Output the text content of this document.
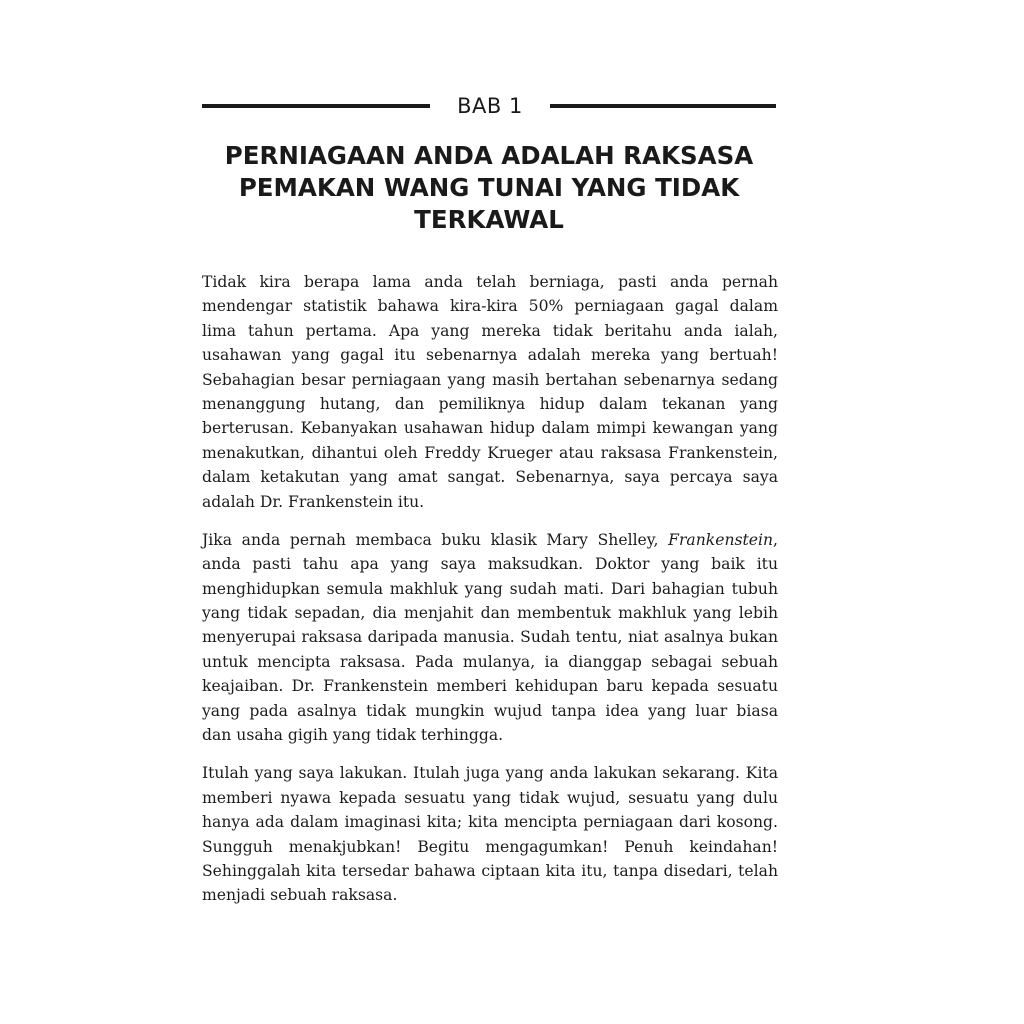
BAB 1
PERNIAGAAN ANDA ADALAH RAKSASA
PEMAKAN WANG TUNAI YANG TIDAK
TERKAWAL
Tidak kira berapa lama anda telah berniaga, pasti anda pernah
mendengar statistik bahawa kira-kira 50% perniagaan gagal dalam
lima tahun pertama. Apa yang mereka tidak beritahu anda ialah,
usahawan yang gagal itu sebenarnya adalah mereka yang bertuah!
Sebahagian besar perniagaan yang masih bertahan sebenarnya sedang
menanggung hutang, dan pemiliknya hidup dalam tekanan yang
berterusan. Kebanyakan usahawan hidup dalam mimpi kewangan yang
menakutkan, dihantui oleh Freddy Krueger atau raksasa Frankenstein,
dalam ketakutan yang amat sangat. Sebenarnya, saya percaya saya
adalah Dr. Frankenstein itu.
Jika anda pernah membaca buku klasik Mary Shelley, Frankenstein,
anda pasti tahu apa yang saya maksudkan. Doktor yang baik itu
menghidupkan semula makhluk yang sudah mati. Dari bahagian tubuh
yang tidak sepadan, dia menjahit dan membentuk makhluk yang lebih
menyerupai raksasa daripada manusia. Sudah tentu, niat asalnya bukan
untuk mencipta raksasa. Pada mulanya, ia dianggap sebagai sebuah
keajaiban. Dr. Frankenstein memberi kehidupan baru kepada sesuatu
yang pada asalnya tidak mungkin wujud tanpa idea yang luar biasa
dan usaha gigih yang tidak terhingga.
Itulah yang saya lakukan. Itulah juga yang anda lakukan sekarang. Kita
memberi nyawa kepada sesuatu yang tidak wujud, sesuatu yang dulu
hanya ada dalam imaginasi kita; kita mencipta perniagaan dari kosong.
Sungguh menakjubkan! Begitu mengagumkan! Penuh keindahan!
Sehinggalah kita tersedar bahawa ciptaan kita itu, tanpa disedari, telah
menjadi sebuah raksasa.
